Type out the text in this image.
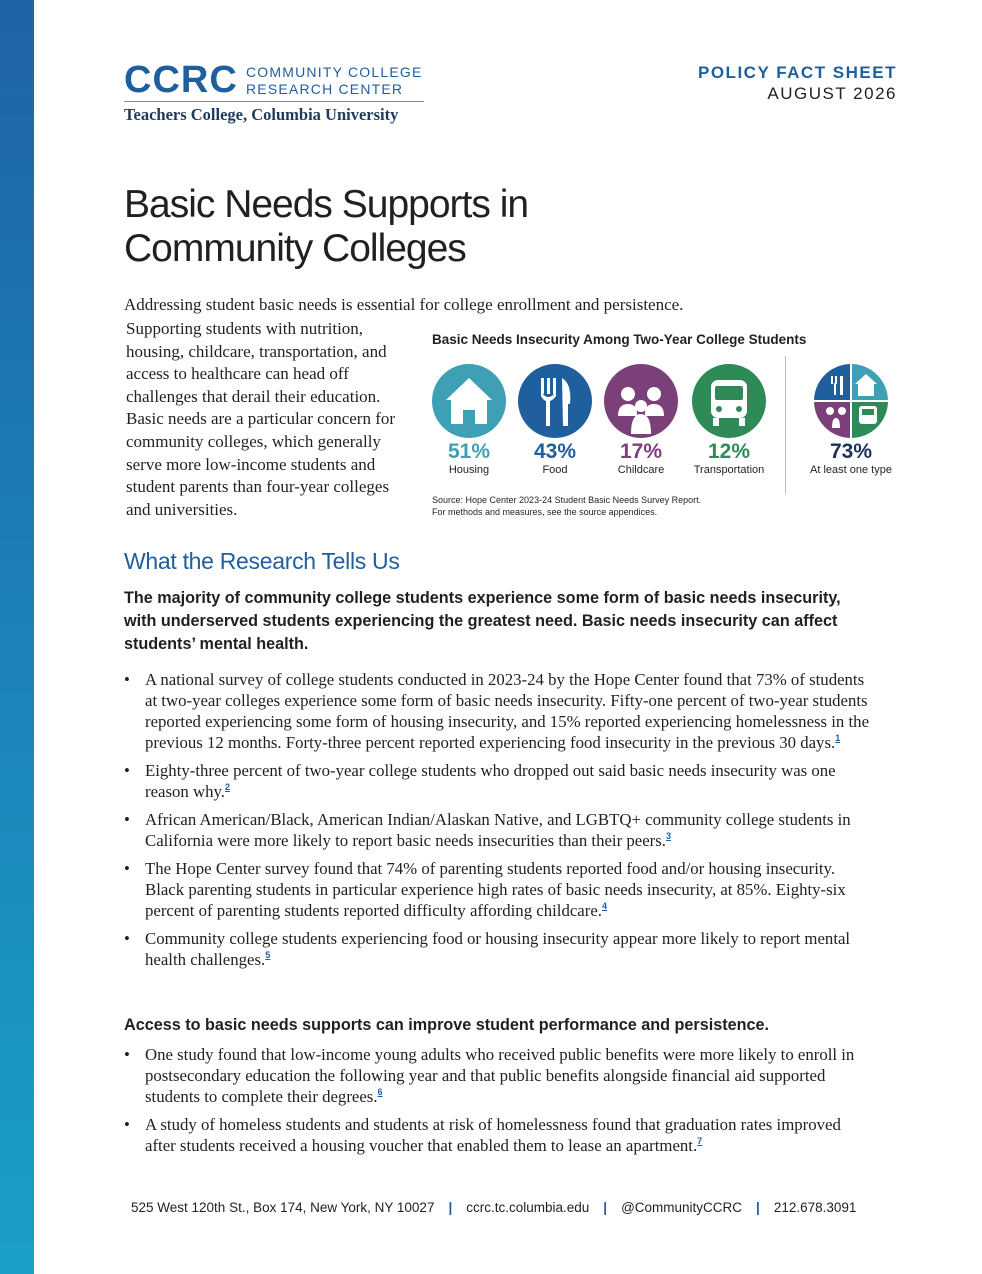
CCRC COMMUNITY COLLEGE
RESEARCH CENTER
Teachers College, Columbia University
POLICY FACT SHEET
AUGUST 2026
Basic Needs Supports in
Community Colleges
Addressing student basic needs is essential for college enrollment and persistence.
Supporting students with nutrition, housing, childcare, transportation, and access to healthcare can head off challenges that derail their education. Basic needs are a particular concern for community colleges, which generally serve more low-income students and student parents than four-year colleges and universities.
Basic Needs Insecurity Among Two-Year College Students
51%
Housing
43%
Food
17%
Childcare
12%
Transportation
73%
At least one type
Source: Hope Center 2023-24 Student Basic Needs Survey Report.
For methods and measures, see the source appendices.
What the Research Tells Us
The majority of community college students experience some form of basic needs insecurity, with underserved students experiencing the greatest need. Basic needs insecurity can affect students’ mental health.
• A national survey of college students conducted in 2023-24 by the Hope Center found that 73% of students at two-year colleges experience some form of basic needs insecurity. Fifty-one percent of two-year students reported experiencing some form of housing insecurity, and 15% reported experiencing homelessness in the previous 12 months. Forty-three percent reported experiencing food insecurity in the previous 30 days.$^1$
• Eighty-three percent of two-year college students who dropped out said basic needs insecurity was one reason why.$^2$
• African American/Black, American Indian/Alaskan Native, and LGBTQ+ community college students in California were more likely to report basic needs insecurities than their peers.$^3$
• The Hope Center survey found that 74% of parenting students reported food and/or housing insecurity. Black parenting students in particular experience high rates of basic needs insecurity, at 85%. Eighty-six percent of parenting students reported difficulty affording childcare.$^4$
• Community college students experiencing food or housing insecurity appear more likely to report mental health challenges.$^5$
Access to basic needs supports can improve student performance and persistence.
• One study found that low-income young adults who received public benefits were more likely to enroll in postsecondary education the following year and that public benefits alongside financial aid supported students to complete their degrees.$^6$
• A study of homeless students and students at risk of homelessness found that graduation rates improved after students received a housing voucher that enabled them to lease an apartment.$^7$
525 West 120th St., Box 174, New York, NY 10027 | ccrc.tc.columbia.edu | @CommunityCCRC | 212.678.3091
